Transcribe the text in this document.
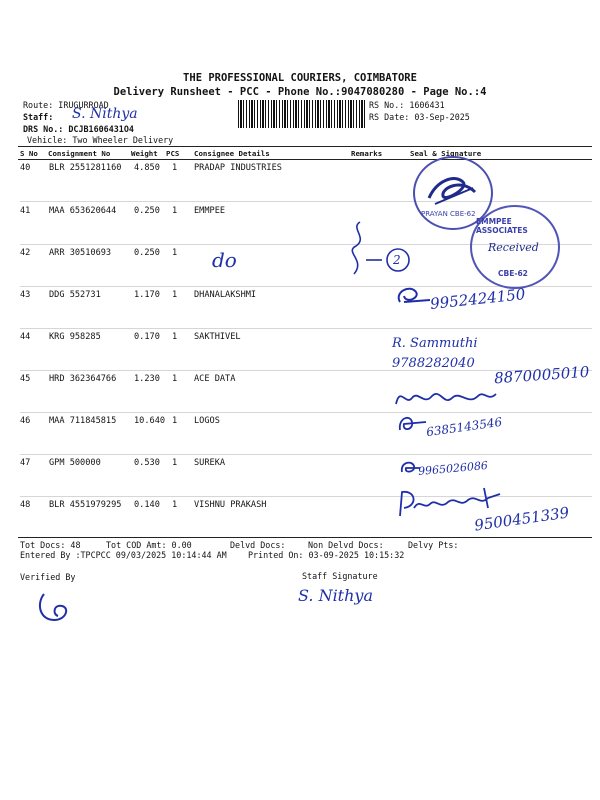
THE PROFESSIONAL COURIERS, COIMBATORE
Delivery Runsheet - PCC - Phone No.:9047080280 - Page No.:4
Route: IRUGURROAD
Staff: S. Nithya
DRS No.: DCJB1606431O4
Vehicle: Two Wheeler Delivery
RS No.: 1606431
RS Date: 03-Sep-2025
S No Consignment No	Weight PCS Consignee Details	Remarks	Seal & Signature
40 BLR 2551281160 4.850 1 PRADAP INDUSTRIES
41 MAA 653620644 0.250 1 EMMPEE
42 ARR 30510693	0.250 1
43 DDG 552731	1.170 1 DHANALAKSHMI
44 KRG 958285	0.170 1 SAKTHIVEL
45 HRD 362364766 1.230 1 ACE DATA
46 MAA 711845815 10.640 1 LOGOS
47 GPM 500000	0.530 1 SUREKA
48 BLR 4551979295 0.140 1 VISHNU PRAKASH
PRAYAN CBE-62
EMMPEE ASSOCIATES
Received
CBE-62
2
do
9952424150
R. Sammuthi 9788282040	8870005010
6385143546
9965026086
9500451339
Tot Docs: 48	Tot COD Amt: 0.00	Delvd Docs:	Non Delvd Docs:	Delvy Pts:
Entered By :TPCPCC 09/03/2025 10:14:44 AM	Printed On: 03-09-2025 10:15:32
Verified By	Staff Signature
S. Nithya
